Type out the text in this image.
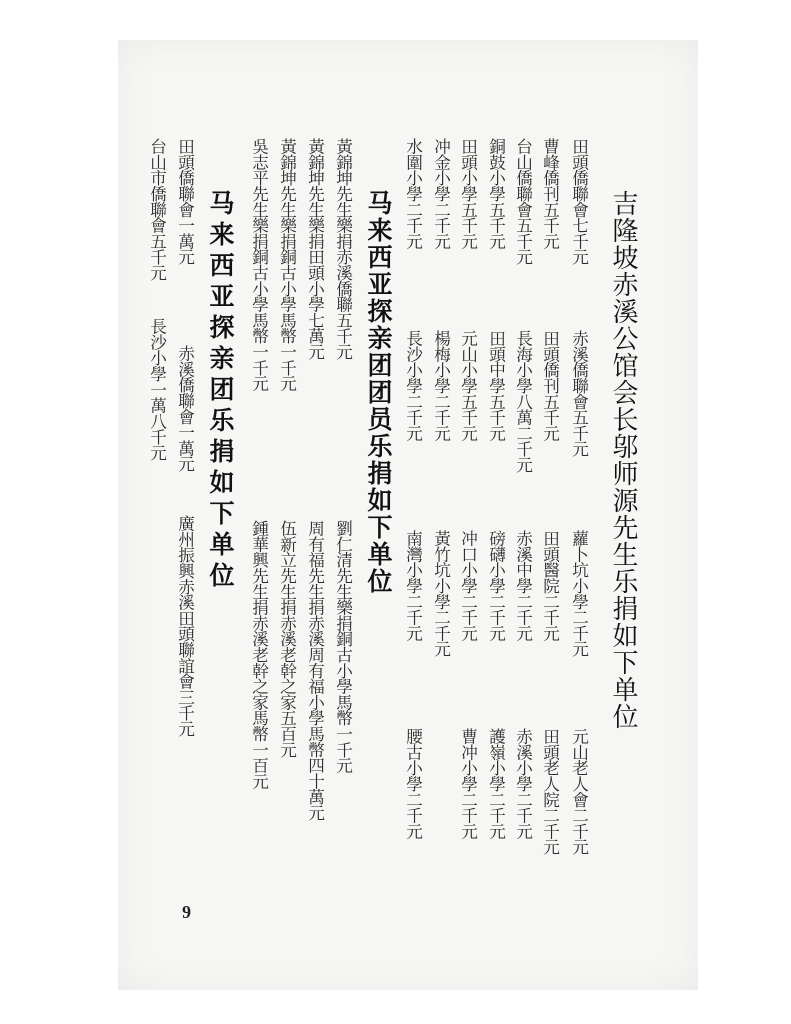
吉隆坡赤溪公馆会长邬师源先生乐捐如下单位
田頭僑聯會七千元
赤溪僑聯會五千元
蘿卜坑小學二千元
元山老人會二千元
曹峰僑刊五千元
田頭僑刊五千元
田頭醫院二千元
田頭老人院二千元
台山僑聯會五千元
長海小學八萬二千元
赤溪中學二千元
赤溪小學二千元
銅鼓小學五千元
田頭中學五千元
磅礴小學二千元
護嶺小學二千元
田頭小學五千元
元山小學五千元
冲口小學二千元
曹冲小學二千元
冲金小學二千元
楊梅小學二千元
黃竹坑小學二千元
水圍小學二千元
長沙小學二千元
南灣小學二千元
腰古小學二千元
马来西亚探亲团团员乐捐如下单位
黃錦坤先生樂捐赤溪僑聯五千元
劉仁清先生樂捐銅古小學馬幣一千元
黃錦坤先生樂捐田頭小學七萬元
周有福先生捐赤溪周有福小學馬幣四十萬元
黃錦坤先生樂捐銅古小學馬幣一千元
伍新立先生捐赤溪老幹之家五百元
吳志平先生樂捐銅古小學馬幣一千元
鍾華興先生捐赤溪老幹之家馬幣一百元
马来西亚探亲团乐捐如下单位
田頭僑聯會一萬元
赤溪僑聯會一萬元
廣州振興赤溪田頭聯誼會三千元
台山市僑聯會五千元
長沙小學一萬八千元
9
